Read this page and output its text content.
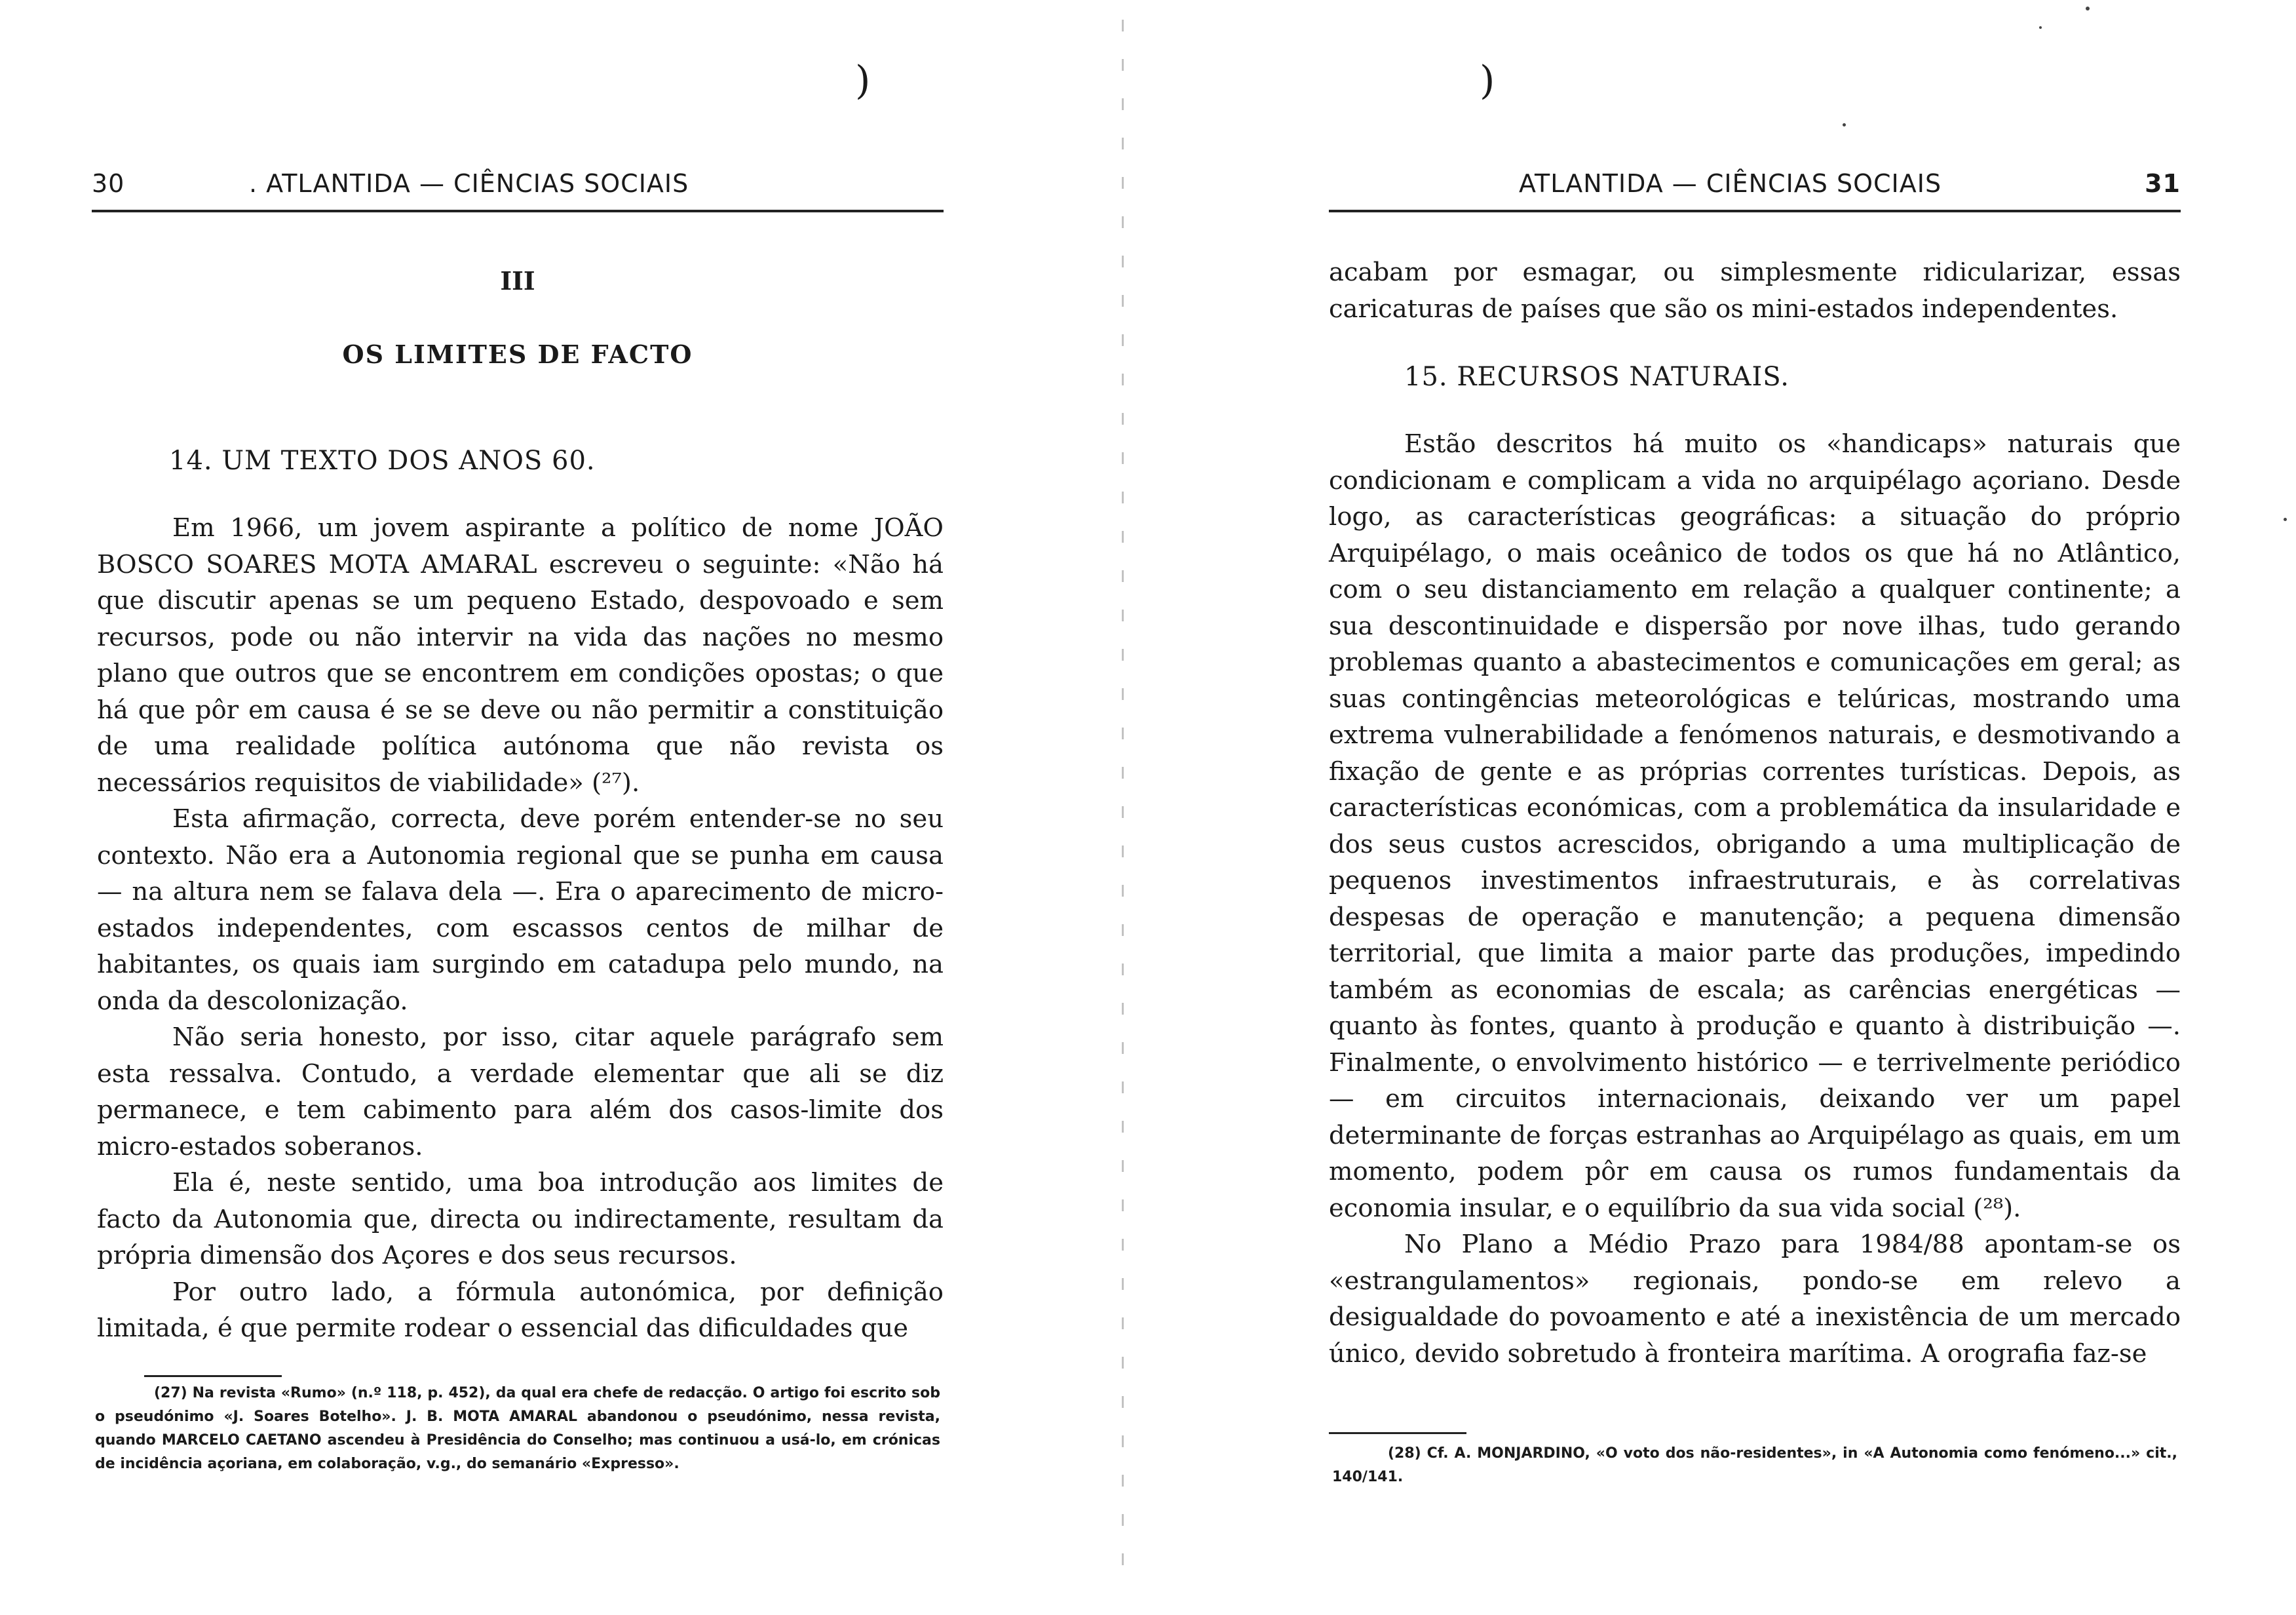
)
30	. ATLANTIDA — CIÊNCIAS SOCIAIS
III
OS LIMITES DE FACTO
14. UM TEXTO DOS ANOS 60.

Em 1966, um jovem aspirante a político de nome JOÃO BOSCO SOARES MOTA AMARAL escreveu o seguinte: «Não há que discutir apenas se um pequeno Estado, despovoado e sem recursos, pode ou não intervir na vida das nações no mesmo plano que outros que se encontrem em condições opostas; o que há que pôr em causa é se se deve ou não permitir a constituição de uma realidade política autónoma que não revista os necessários requisitos de viabilidade» (²⁷).

Esta afirmação, correcta, deve porém entender-se no seu contexto. Não era a Autonomia regional que se punha em causa — na altura nem se falava dela —. Era o aparecimento de micro-estados independentes, com escassos centos de milhar de habitantes, os quais iam surgindo em catadupa pelo mundo, na onda da descolonização.

Não seria honesto, por isso, citar aquele parágrafo sem esta ressalva. Contudo, a verdade elementar que ali se diz permanece, e tem cabimento para além dos casos-limite dos micro-estados soberanos.

Ela é, neste sentido, uma boa introdução aos limites de facto da Autonomia que, directa ou indirectamente, resultam da própria dimensão dos Açores e dos seus recursos.

Por outro lado, a fórmula autonómica, por definição limitada, é que permite rodear o essencial das dificuldades que

(27) Na revista «Rumo» (n.º 118, p. 452), da qual era chefe de redacção. O artigo foi escrito sob o pseudónimo «J. Soares Botelho». J. B. MOTA AMARAL abandonou o pseudónimo, nessa revista, quando MARCELO CAETANO ascendeu à Presidência do Conselho; mas continuou a usá-lo, em crónicas de incidência açoriana, em colaboração, v.g., do semanário «Expresso».
)
ATLANTIDA — CIÊNCIAS SOCIAIS	31

acabam por esmagar, ou simplesmente ridicularizar, essas caricaturas de países que são os mini-estados independentes.

15. RECURSOS NATURAIS.

Estão descritos há muito os «handicaps» naturais que condicionam e complicam a vida no arquipélago açoriano. Desde logo, as características geográficas: a situação do próprio Arquipélago, o mais oceânico de todos os que há no Atlântico, com o seu distanciamento em relação a qualquer continente; a sua descontinuidade e dispersão por nove ilhas, tudo gerando problemas quanto a abastecimentos e comunicações em geral; as suas contingências meteorológicas e telúricas, mostrando uma extrema vulnerabilidade a fenómenos naturais, e desmotivando a fixação de gente e as próprias correntes turísticas. Depois, as características económicas, com a problemática da insularidade e dos seus custos acrescidos, obrigando a uma multiplicação de pequenos investimentos infraestruturais, e às correlativas despesas de operação e manutenção; a pequena dimensão territorial, que limita a maior parte das produções, impedindo também as economias de escala; as carências energéticas — quanto às fontes, quanto à produção e quanto à distribuição —. Finalmente, o envolvimento histórico — e terrivelmente periódico — em circuitos internacionais, deixando ver um papel determinante de forças estranhas ao Arquipélago as quais, em um momento, podem pôr em causa os rumos fundamentais da economia insular, e o equilíbrio da sua vida social (²⁸).

No Plano a Médio Prazo para 1984/88 apontam-se os «estrangulamentos» regionais, pondo-se em relevo a desigualdade do povoamento e até a inexistência de um mercado único, devido sobretudo à fronteira marítima. A orografia faz-se

(28) Cf. A. MONJARDINO, «O voto dos não-residentes», in «A Autonomia como fenómeno...» cit., 140/141.
